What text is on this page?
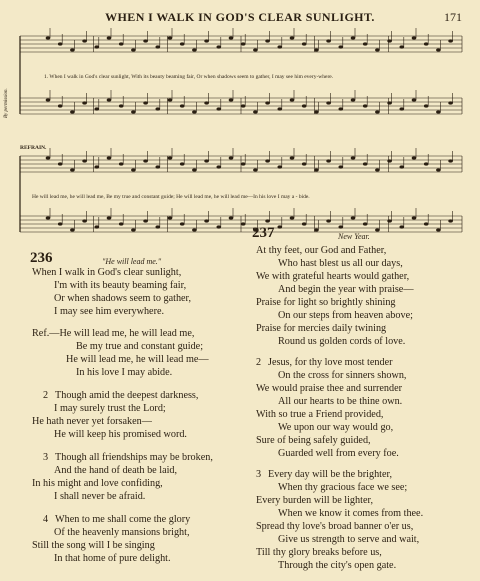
WHEN I WALK IN GOD'S CLEAR SUNLIGHT.	171
By permission.
1. When I walk in God's clear sunlight, With its beauty beaming fair, Or when shadows seem to gather, I may see him every-where.
REFRAIN.
He will lead me, he will lead me, Be my true and constant guide; He will lead me, he will lead me—In his love I may a - bide.
236	"He will lead me."
When I walk in God's clear sunlight,
I'm with its beauty beaming fair,
Or when shadows seem to gather,
I may see him everywhere.
Ref.—He will lead me, he will lead me,
Be my true and constant guide;
He will lead me, he will lead me—
In his love I may abide.
2 Though amid the deepest darkness,
I may surely trust the Lord;
He hath never yet forsaken—
He will keep his promised word.
3 Though all friendships may be broken,
And the hand of death be laid,
In his might and love confiding,
I shall never be afraid.
4 When to me shall come the glory
Of the heavenly mansions bright,
Still the song will I be singing
In that home of pure delight.
237	New Year.
At thy feet, our God and Father,
Who hast blest us all our days,
We with grateful hearts would gather,
And begin the year with praise—
Praise for light so brightly shining
On our steps from heaven above;
Praise for mercies daily twining
Round us golden cords of love.
2 Jesus, for thy love most tender
On the cross for sinners shown,
We would praise thee and surrender
All our hearts to be thine own.
With so true a Friend provided,
We upon our way would go,
Sure of being safely guided,
Guarded well from every foe.
3 Every day will be the brighter,
When thy gracious face we see;
Every burden will be lighter,
When we know it comes from thee.
Spread thy love's broad banner o'er us,
Give us strength to serve and wait,
Till thy glory breaks before us,
Through the city's open gate.
